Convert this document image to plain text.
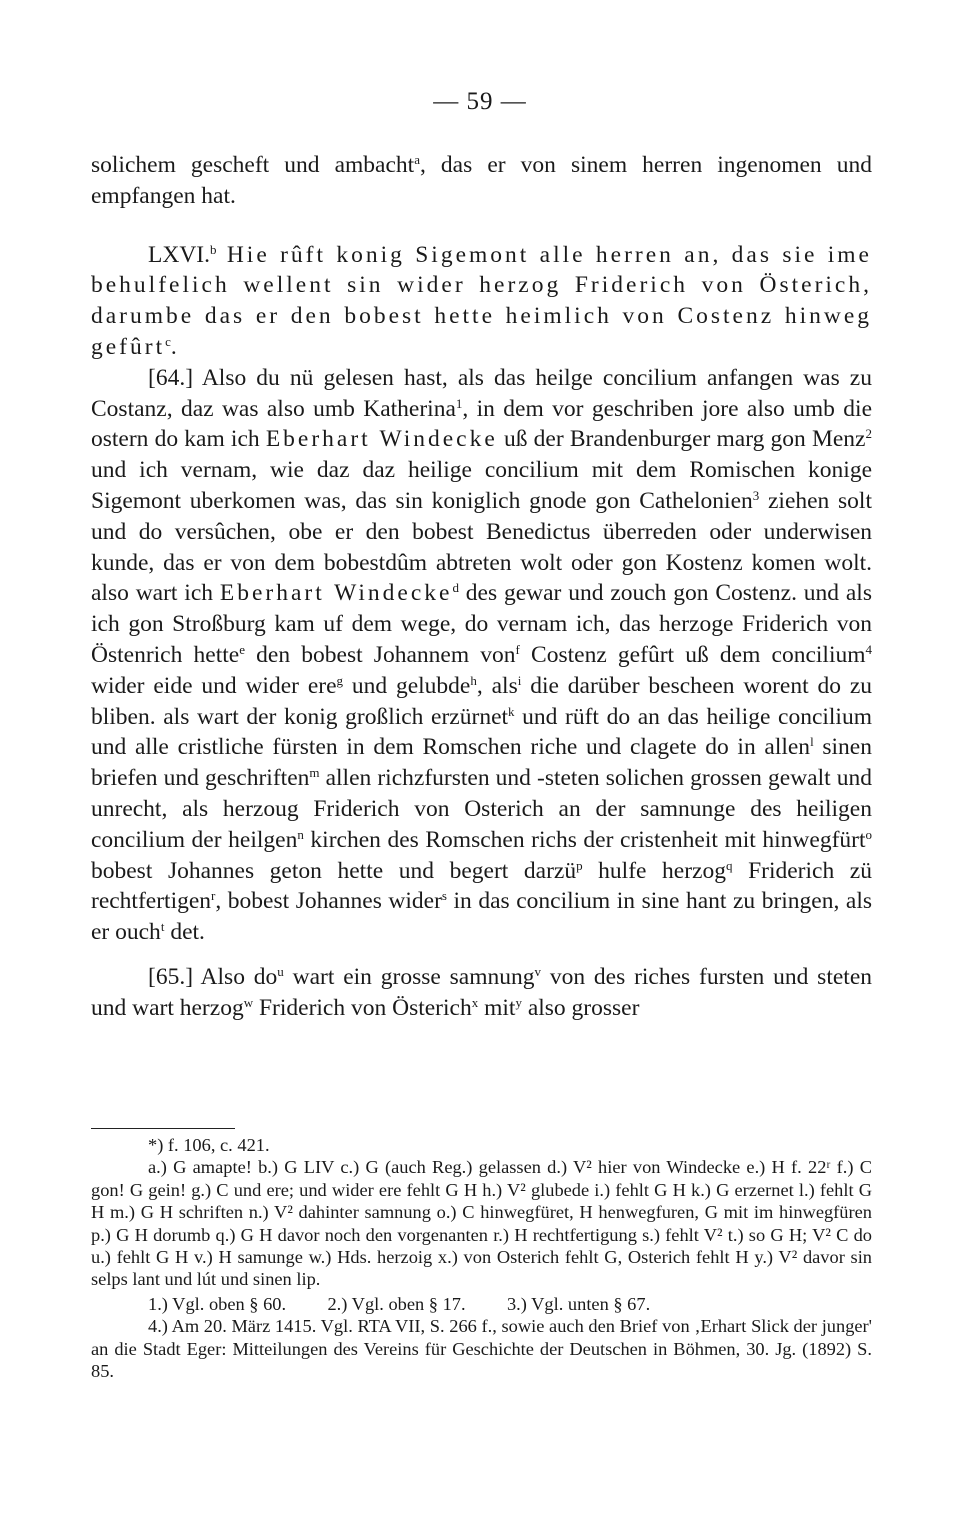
— 59 —

solichem gescheft und ambacht$^a$, das er von sinem herren ingenomen und empfangen hat.

LXVI.$^b$ Hie rûft konig Sigemont alle herren an, das sie ime behulfelich wellent sin wider herzog Friderich von Österich, darumbe das er den bobest hette heimlich von Costenz hinweg gefûrt$^c$.

[64.] Also du nü gelesen hast, als das heilge concilium anfangen was zu Costanz, daz was also umb Katherina$^1$, in dem vor geschriben jore also umb die ostern do kam ich Eberhart Windecke uß der Brandenburger marg gon Menz$^2$ und ich vernam, wie daz daz heilige concilium mit dem Romischen konige Sigemont uberkomen was, das sin koniglich gnode gon Cathelonien$^3$ ziehen solt und do versûchen, obe er den bobest Benedictus überreden oder underwisen kunde, das er von dem bobestdûm abtreten wolt oder gon Kostenz komen wolt. also wart ich Eberhart Windecke$^d$ des gewar und zouch gon Costenz. und als ich gon Stroßburg kam uf dem wege, do vernam ich, das herzoge Friderich von Östenrich hette$^e$ den bobest Johannem von$^f$ Costenz gefûrt uß dem concilium$^4$ wider eide und wider ere$^g$ und gelubde$^h$, als$^i$ die darüber bescheen worent do zu bliben. als wart der konig großlich erzürnet$^k$ und rüft do an das heilige concilium und alle cristliche fürsten in dem Romschen riche und clagete do in allen$^l$ sinen briefen und geschriften$^m$ allen richzfursten und -steten solichen grossen gewalt und unrecht, als herzoug Friderich von Osterich an der samnunge des heiligen concilium der heilgen$^n$ kirchen des Romschen richs der cristenheit mit hinwegfürt$^o$ bobest Johannes geton hette und begert darzü$^p$ hulfe herzog$^q$ Friderich zü rechtfertigen$^r$, bobest Johannes wider$^s$ in das concilium in sine hant zu bringen, als er ouch$^t$ det.

[65.] Also $do^u$ wart ein grosse samnung$^v$ von des riches fursten und steten und wart herzog$^w$ Friderich von Österich$^x$ mit$^y$ also grosser

*) f. 106, c. 421.

a.) G amapte! b.) G LIV c.) G (auch Reg.) gelassen d.) V² hier von Windecke e.) H f. 22ʳ f.) C gon! G gein! g.) C und ere; und wider ere fehlt G H h.) V² glubede i.) fehlt G H k.) G erzernet l.) fehlt G H m.) G H schriften n.) V² dahinter samnung o.) C hinwegfüret, H henwegfuren, G mit im hinwegfüren p.) G H dorumb q.) G H davor noch den vorgenanten r.) H rechtfertigung s.) fehlt V² t.) so G H; V² C do u.) fehlt G H v.) H samunge w.) Hds. herzoig x.) von Osterich fehlt G, Osterich fehlt H y.) V² davor sin selps lant und lút und sinen lip.

1.) Vgl. oben § 60. 2.) Vgl. oben § 17. 3.) Vgl. unten § 67.

4.) Am 20. März 1415. Vgl. RTA VII, S. 266 f., sowie auch den Brief von ‚Erhart Slick der junger' an die Stadt Eger: Mitteilungen des Vereins für Geschichte der Deutschen in Böhmen, 30. Jg. (1892) S. 85.
